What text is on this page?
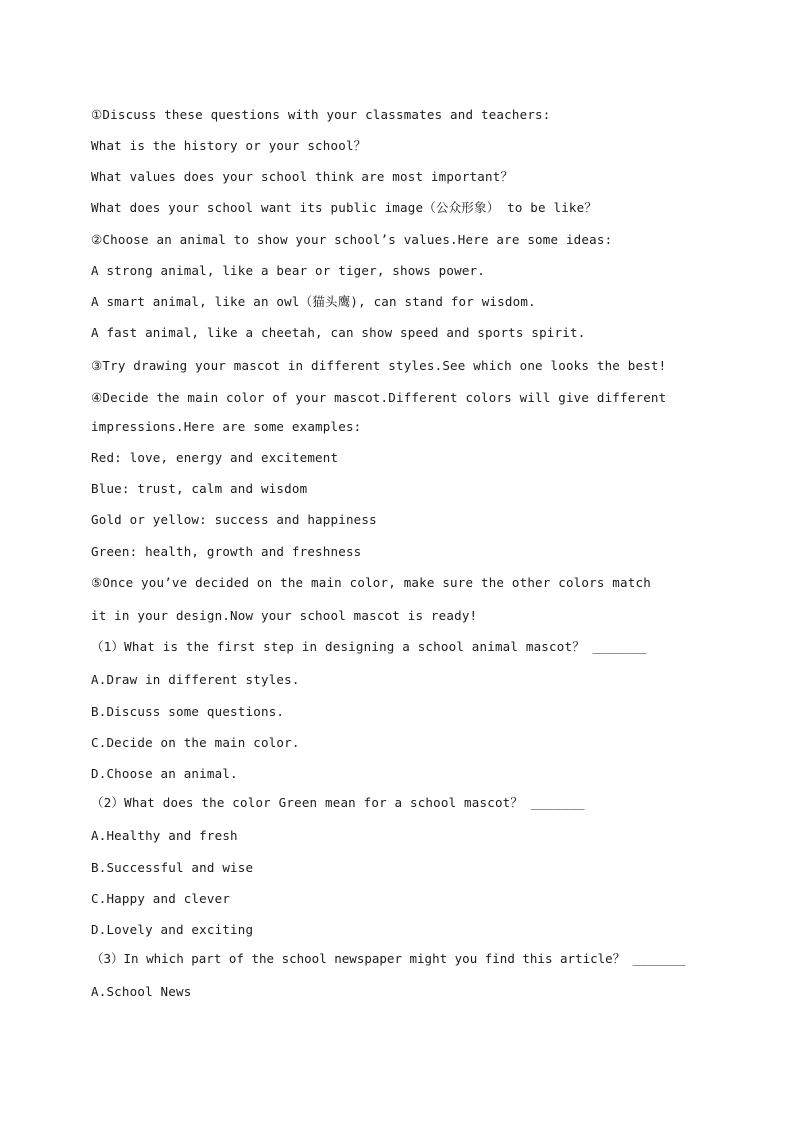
①Discuss these questions with your classmates and teachers:
What is the history or your school？
What values does your school think are most important？
What does your school want its public image（公众形象） to be like？
②Choose an animal to show your school’s values.Here are some ideas:
A strong animal, like a bear or tiger, shows power.
A smart animal, like an owl（猫头鹰), can stand for wisdom.
A fast animal, like a cheetah, can show speed and sports spirit.
③Try drawing your mascot in different styles.See which one looks the best!
④Decide the main color of your mascot.Different colors will give different
impressions.Here are some examples:
Red: love, energy and excitement
Blue: trust, calm and wisdom
Gold or yellow: success and happiness
Green: health, growth and freshness
⑤Once you’ve decided on the main color, make sure the other colors match
it in your design.Now your school mascot is ready!
（1）What is the first step in designing a school animal mascot？ _______
A.Draw in different styles.
B.Discuss some questions.
C.Decide on the main color.
D.Choose an animal.
（2）What does the color Green mean for a school mascot？ _______
A.Healthy and fresh
B.Successful and wise
C.Happy and clever
D.Lovely and exciting
（3）In which part of the school newspaper might you find this article？ _______
A.School News
